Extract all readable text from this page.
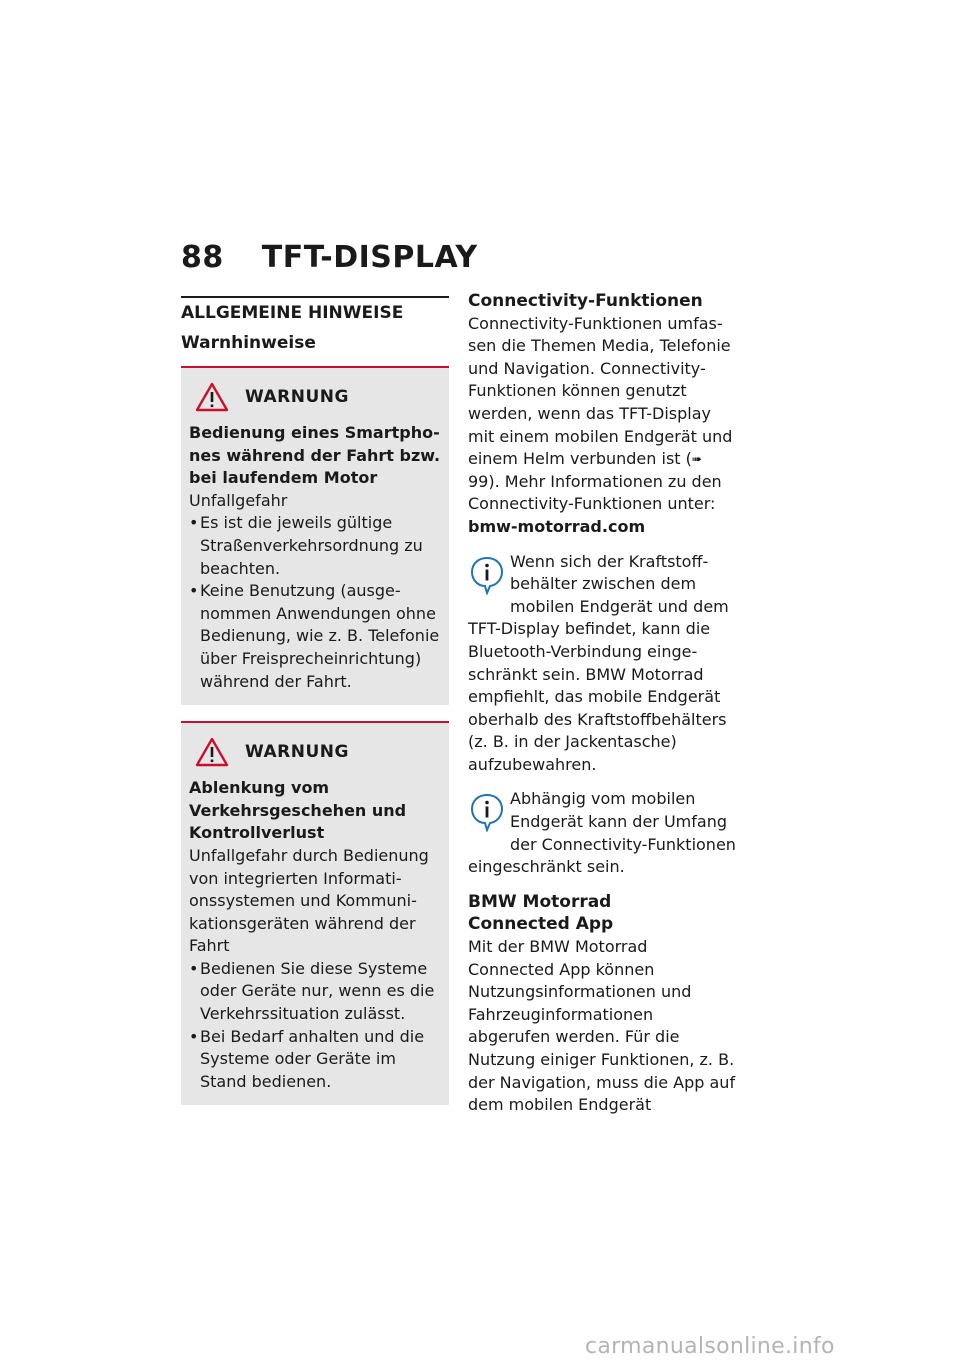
88 TFT-DISPLAY
ALLGEMEINE HINWEISE
Warnhinweise
WARNUNG
Bedienung eines Smartphones während der Fahrt bzw. bei laufendem Motor
Unfallgefahr
• Es ist die jeweils gültige Straßenverkehrsordnung zu beachten.
• Keine Benutzung (ausgenommen Anwendungen ohne Bedienung, wie z. B. Telefonie über Freisprecheinrichtung) während der Fahrt.
WARNUNG
Ablenkung vom Verkehrsgeschehen und Kontrollverlust
Unfallgefahr durch Bedienung von integrierten Informationssystemen und Kommunikationsgeräten während der Fahrt
• Bedienen Sie diese Systeme oder Geräte nur, wenn es die Verkehrssituation zulässt.
• Bei Bedarf anhalten und die Systeme oder Geräte im Stand bedienen.
Connectivity-Funktionen
Connectivity-Funktionen umfassen die Themen Media, Telefonie und Navigation. Connectivity-Funktionen können genutzt werden, wenn das TFT-Display mit einem mobilen Endgerät und einem Helm verbunden ist (➠ 99). Mehr Informationen zu den Connectivity-Funktionen unter: bmw-motorrad.com
Wenn sich der Kraftstoffbehälter zwischen dem mobilen Endgerät und dem TFT-Display befindet, kann die Bluetooth-Verbindung eingeschränkt sein. BMW Motorrad empfiehlt, das mobile Endgerät oberhalb des Kraftstoffbehälters (z. B. in der Jackentasche) aufzubewahren.
Abhängig vom mobilen Endgerät kann der Umfang der Connectivity-Funktionen eingeschränkt sein.
BMW Motorrad
Connected App
Mit der BMW Motorrad Connected App können Nutzungsinformationen und Fahrzeuginformationen abgerufen werden. Für die Nutzung einiger Funktionen, z. B. der Navigation, muss die App auf dem mobilen Endgerät
carmanualsonline.info
